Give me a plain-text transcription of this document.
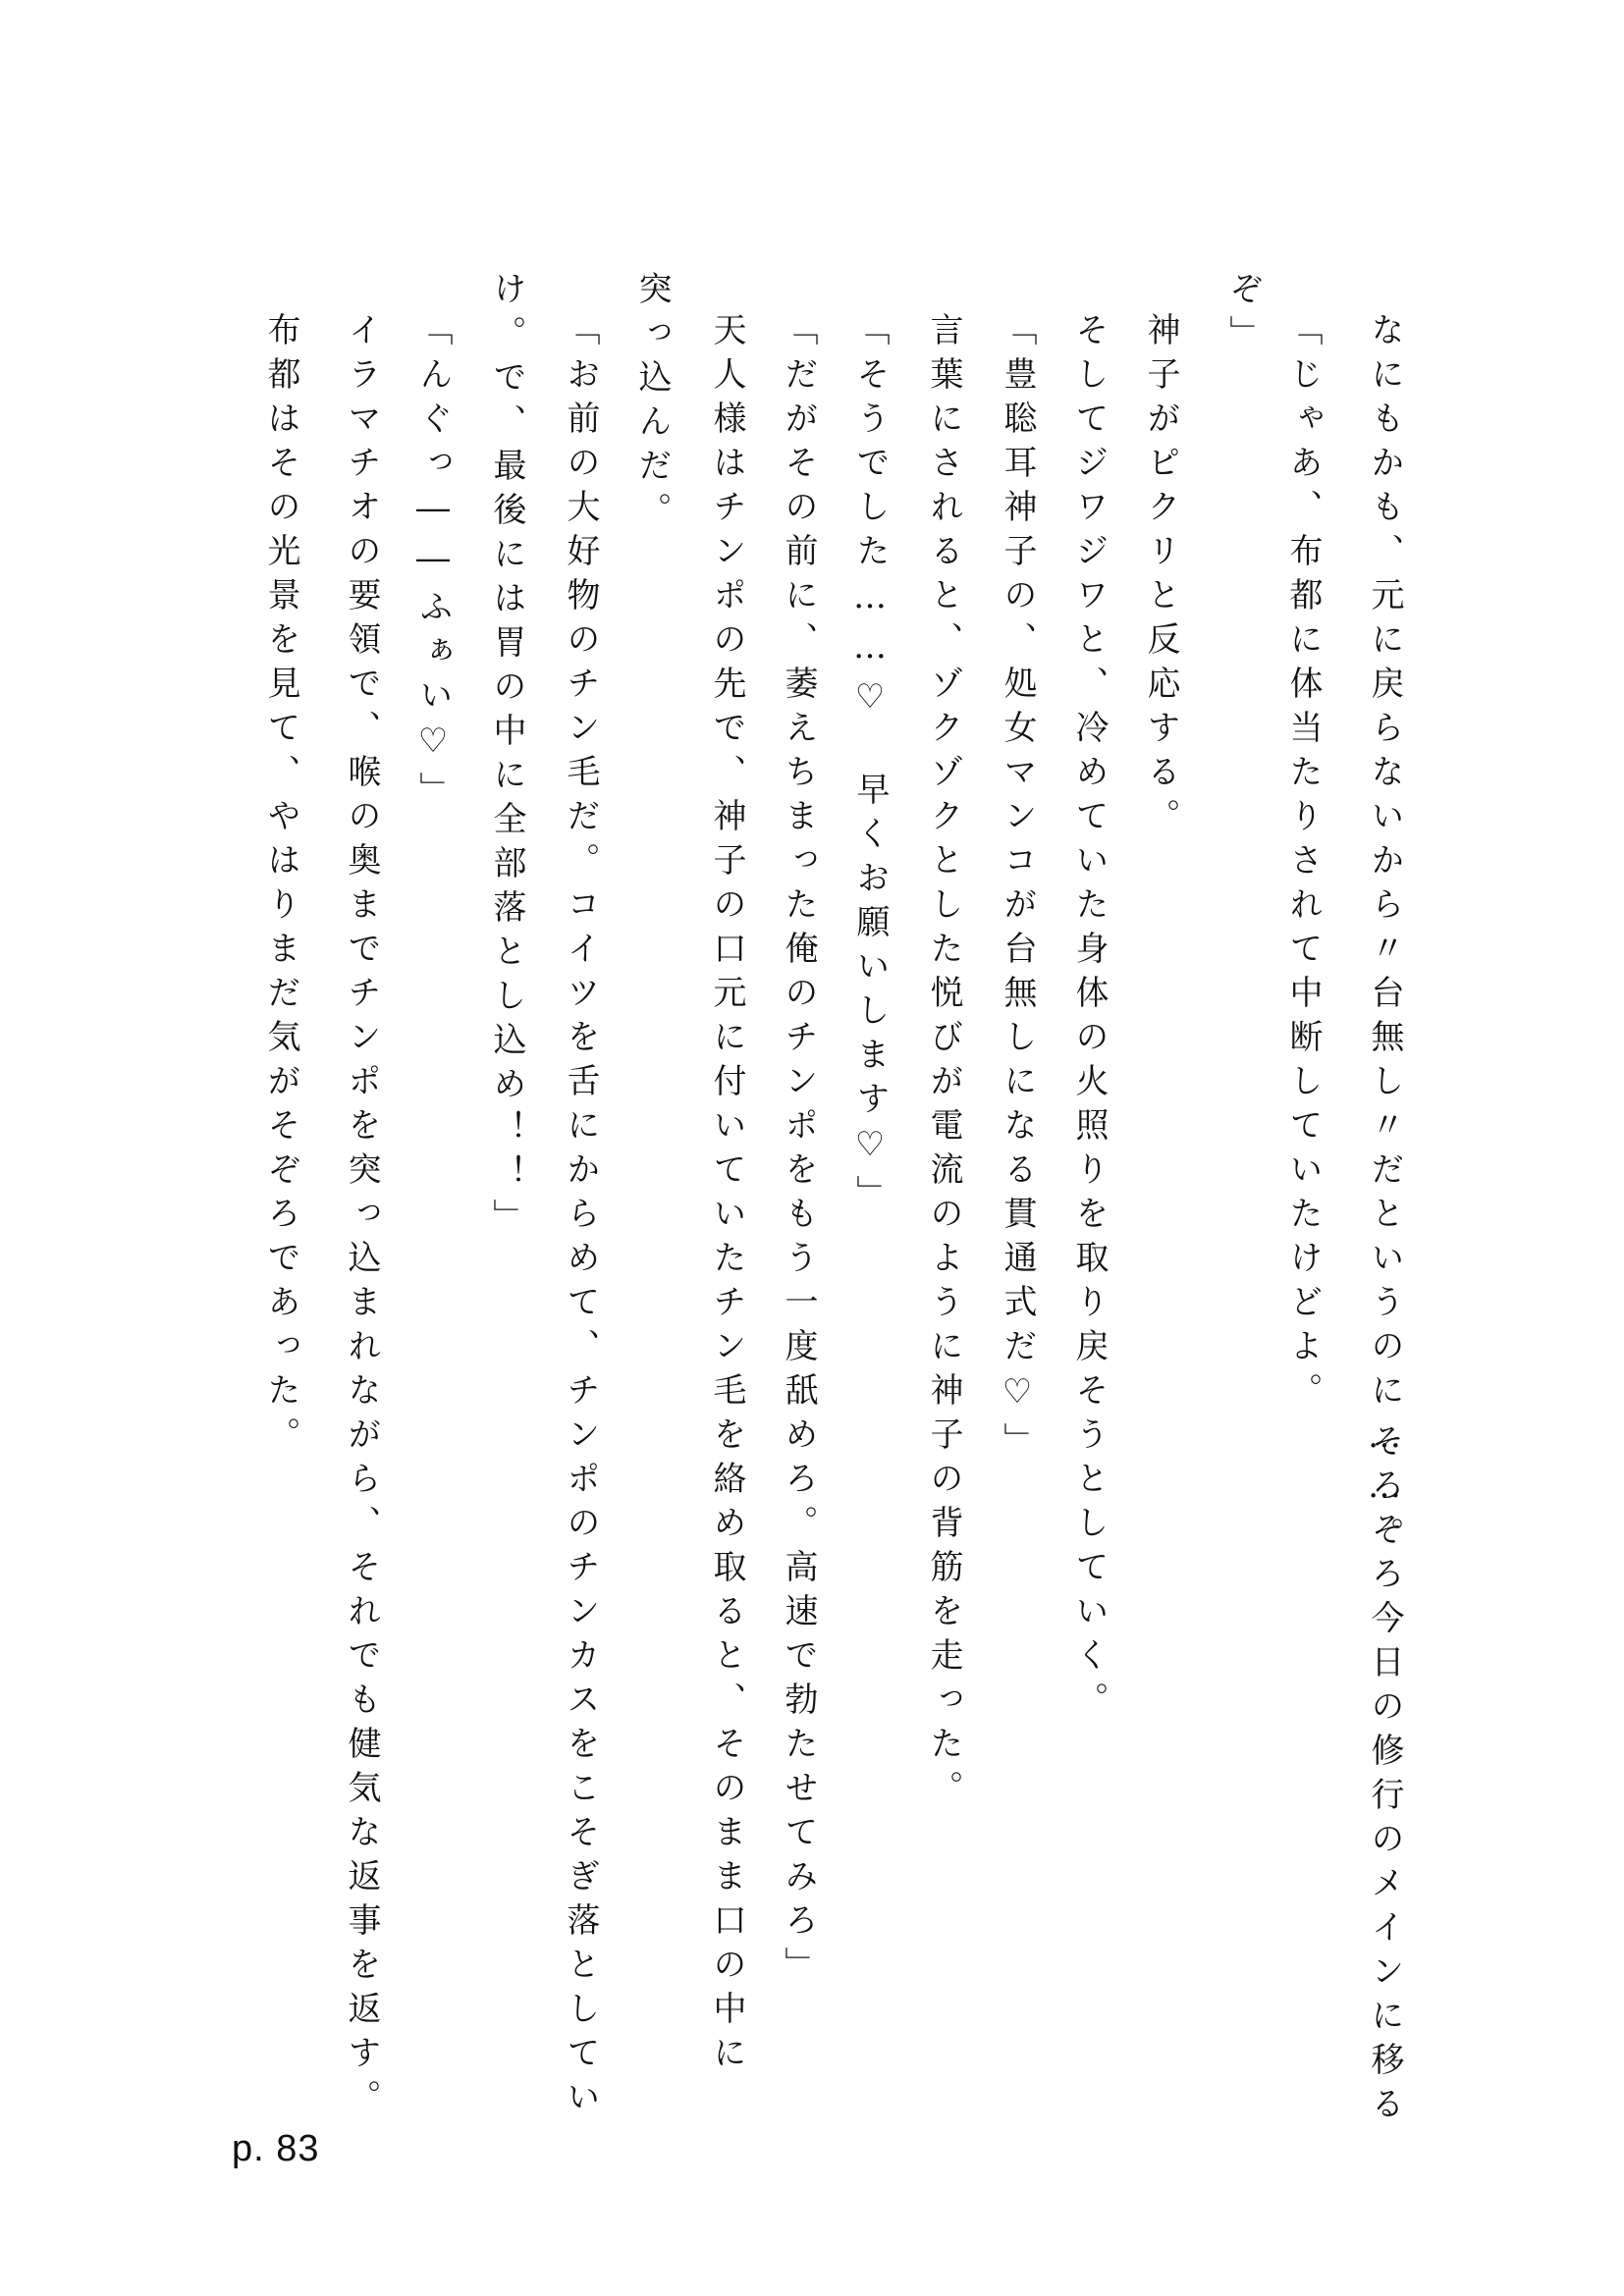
なにもかも、元に戻らないから〃台無し〃だというのに……。
そろそろ今日の修行のメインに移る
「じゃあ、布都に体当たりされて中断していたけどよ。
ぞ」
神子がピクリと反応する。
そしてジワジワと、冷めていた身体の火照りを取り戻そうとしていく。
「豊聡耳神子の、処女マンコが台無しになる貫通式だ♡」
言葉にされると、ゾクゾクとした悦びが電流のように神子の背筋を走った。
「そうでした……♡　早くお願いします♡」
「だがその前に、萎えちまった俺のチンポをもう一度舐めろ。高速で勃たせてみろ」
天人様はチンポの先で、神子の口元に付いていたチン毛を絡め取ると、そのまま口の中に
突っ込んだ。
「お前の大好物のチン毛だ。コイツを舌にからめて、チンポのチンカスをこそぎ落としてい
け。で、最後には胃の中に全部落とし込め！！」
「んぐっ――ふぁい♡」
イラマチオの要領で、喉の奥までチンポを突っ込まれながら、それでも健気な返事を返す。
布都はその光景を見て、やはりまだ気がそぞろであった。
p. 83
